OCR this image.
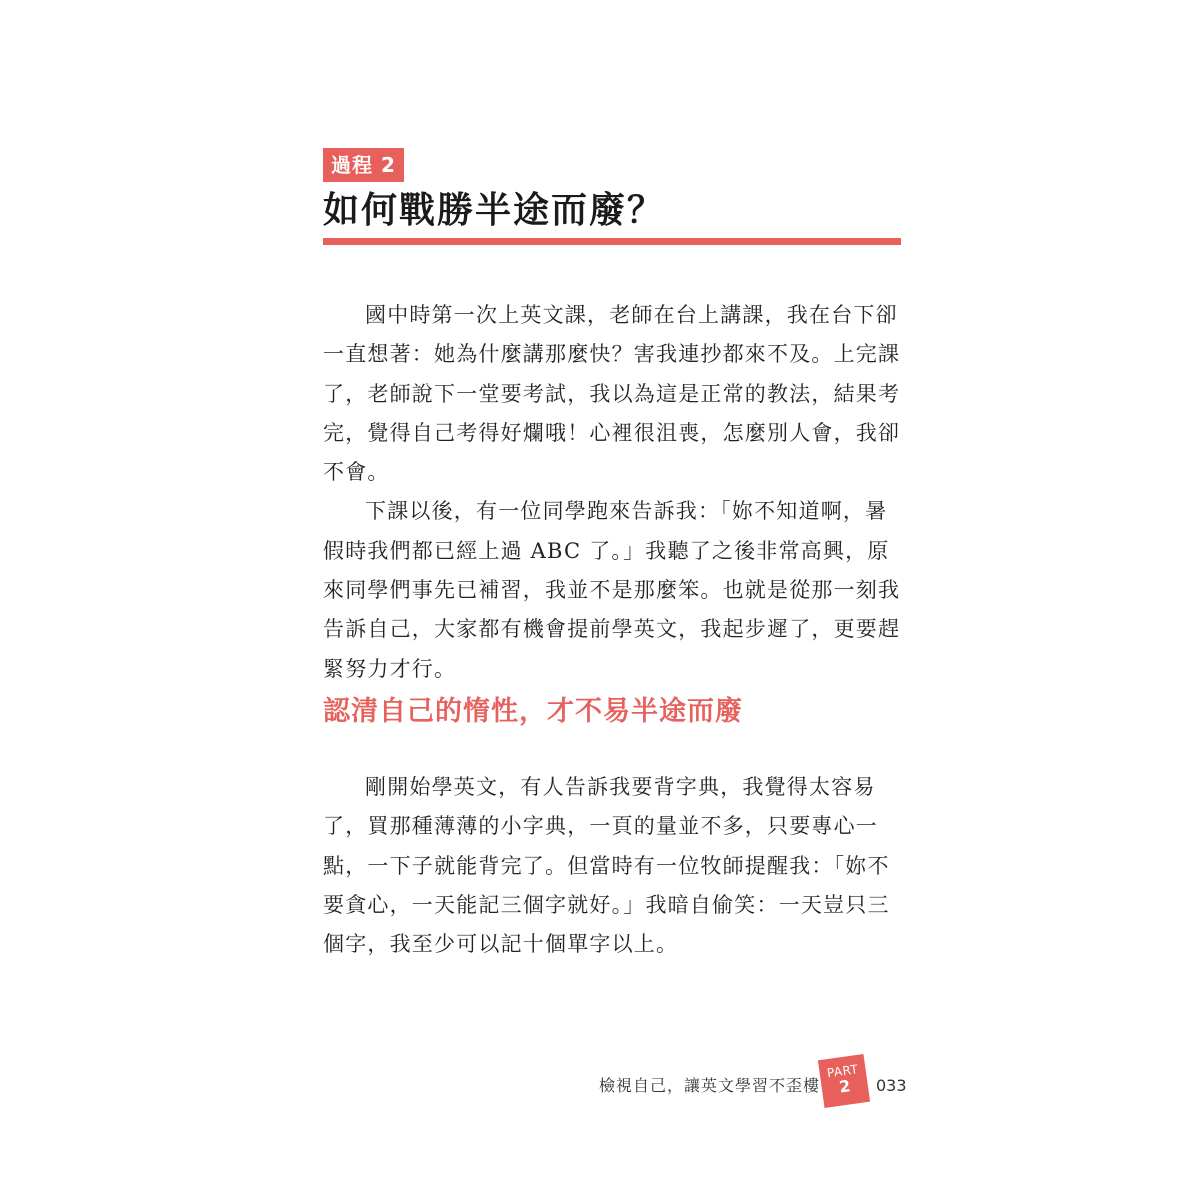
過程 2
如何戰勝半途而廢？

國中時第一次上英文課，老師在台上講課，我在台下卻一直想著：她為什麼講那麼快？害我連抄都來不及。上完課了，老師說下一堂要考試，我以為這是正常的教法，結果考完，覺得自己考得好爛哦！心裡很沮喪，怎麼別人會，我卻不會。

下課以後，有一位同學跑來告訴我：「妳不知道啊，暑假時我們都已經上過 ABC 了。」我聽了之後非常高興，原來同學們事先已補習，我並不是那麼笨。也就是從那一刻我告訴自己，大家都有機會提前學英文，我起步遲了，更要趕緊努力才行。

認清自己的惰性，才不易半途而廢

剛開始學英文，有人告訴我要背字典，我覺得太容易了，買那種薄薄的小字典，一頁的量並不多，只要專心一點，一下子就能背完了。但當時有一位牧師提醒我：「妳不要貪心，一天能記三個字就好。」我暗自偷笑：一天豈只三個字，我至少可以記十個單字以上。

檢視自己，讓英文學習不歪樓
PART
2	033
